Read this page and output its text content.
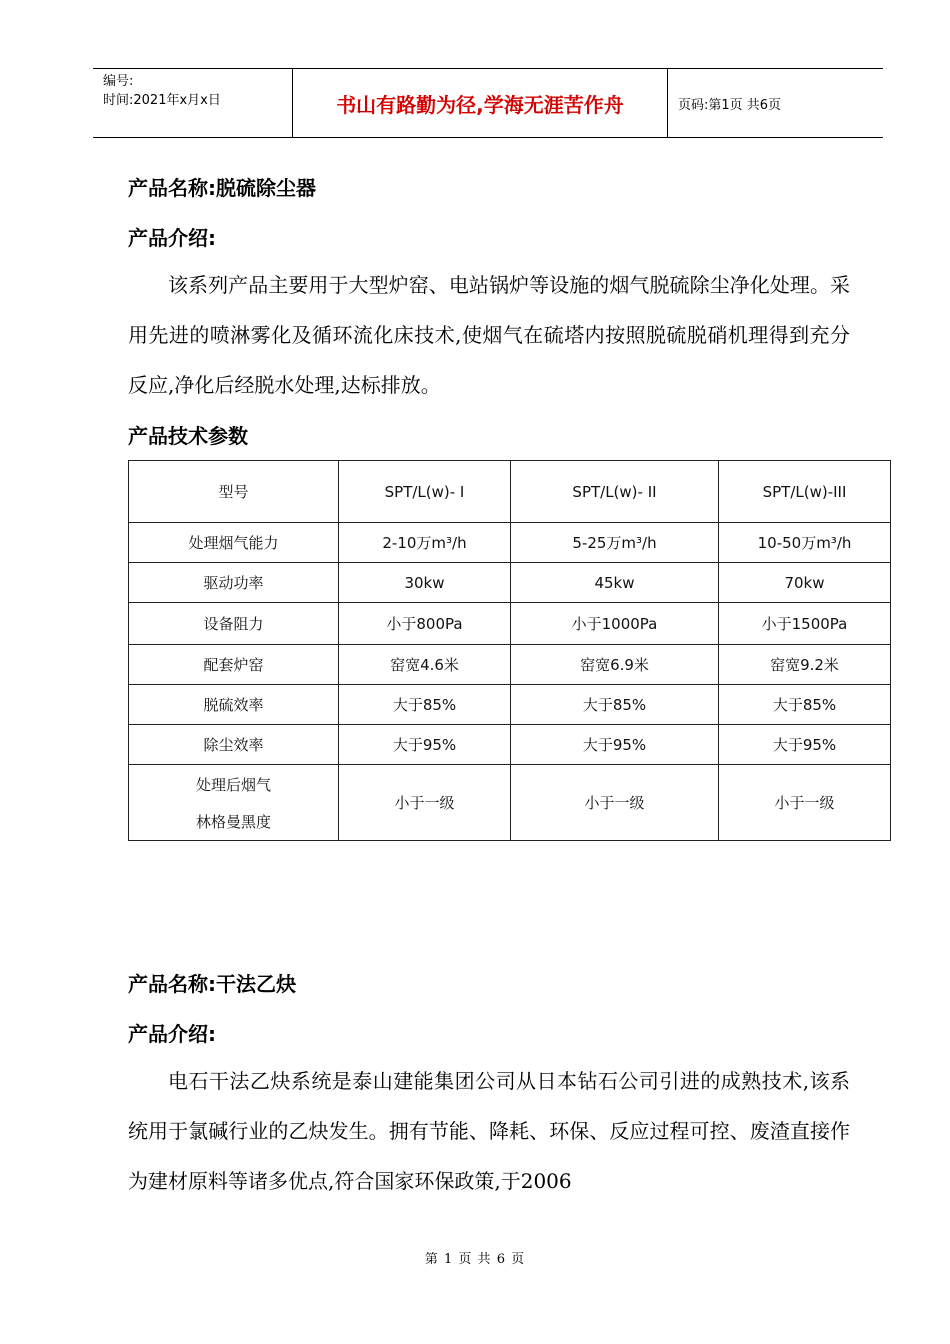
编号:
时间:2021年x月x日	书山有路勤为径,学海无涯苦作舟	页码:第1页 共6页
产品名称:脱硫除尘器
产品介绍:
该系列产品主要用于大型炉窑、电站锅炉等设施的烟气脱硫除尘净化处理。采用先进的喷淋雾化及循环流化床技术,使烟气在硫塔内按照脱硫脱硝机理得到充分反应,净化后经脱水处理,达标排放。
产品技术参数
型号	SPT/L(w)- I	SPT/L(w)- II	SPT/L(w)-III
处理烟气能力	2-10万m³/h	5-25万m³/h	10-50万m³/h
驱动功率	30kw	45kw	70kw
设备阻力	小于800Pa	小于1000Pa	小于1500Pa
配套炉窑	窑宽4.6米	窑宽6.9米	窑宽9.2米
脱硫效率	大于85%	大于85%	大于85%
除尘效率	大于95%	大于95%	大于95%
处理后烟气
林格曼黑度	小于一级	小于一级	小于一级
产品名称:干法乙炔
产品介绍:
电石干法乙炔系统是泰山建能集团公司从日本钻石公司引进的成熟技术,该系统用于氯碱行业的乙炔发生。拥有节能、降耗、环保、反应过程可控、废渣直接作为建材原料等诸多优点,符合国家环保政策,于2006
第 1 页 共 6 页
